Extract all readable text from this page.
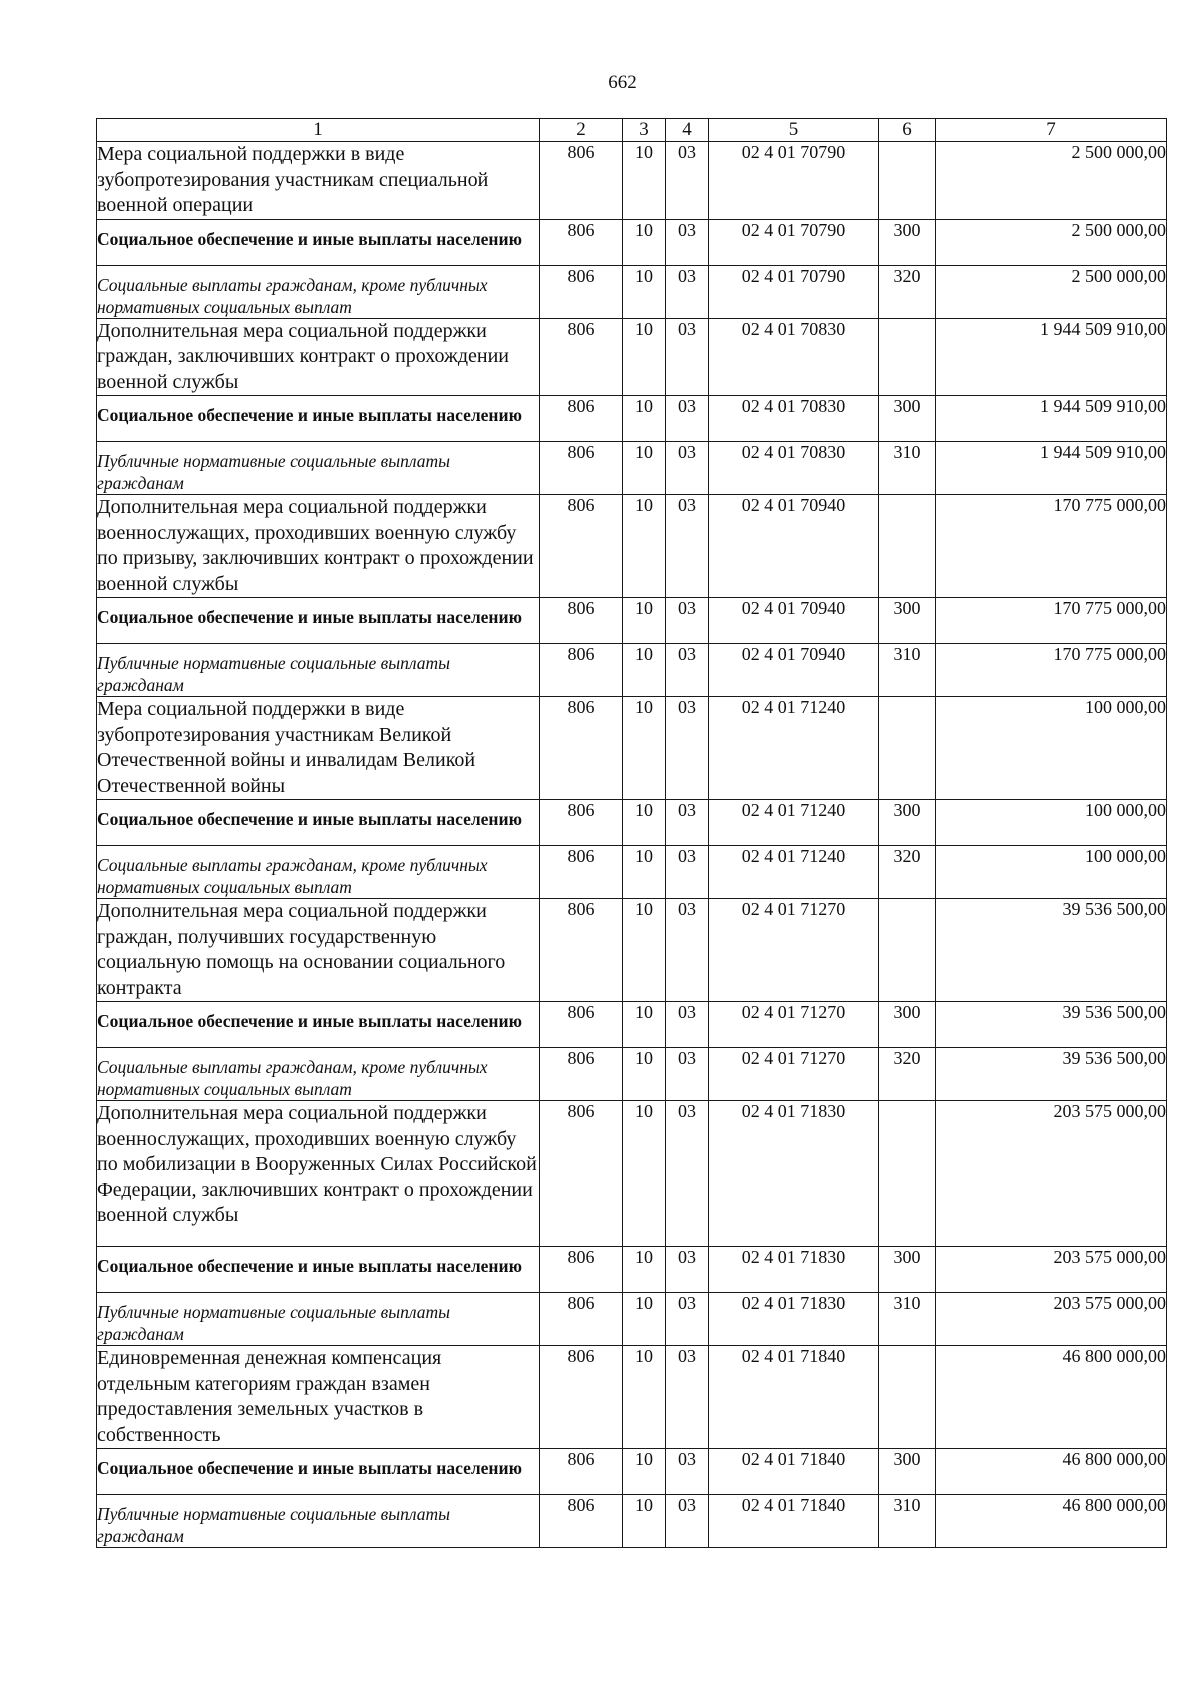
662
1	2	3	4	5	6	7
Мера социальной поддержки в виде зубопротезирования участникам специальной военной операции	806	10	03	02 4 01 70790		2 500 000,00
Социальное обеспечение и иные выплаты населению	806	10	03	02 4 01 70790	300	2 500 000,00
Социальные выплаты гражданам, кроме публичных нормативных социальных выплат	806	10	03	02 4 01 70790	320	2 500 000,00
Дополнительная мера социальной поддержки граждан, заключивших контракт о прохождении военной службы	806	10	03	02 4 01 70830		1 944 509 910,00
Социальное обеспечение и иные выплаты населению	806	10	03	02 4 01 70830	300	1 944 509 910,00
Публичные нормативные социальные выплаты гражданам	806	10	03	02 4 01 70830	310	1 944 509 910,00
Дополнительная мера социальной поддержки военнослужащих, проходивших военную службу по призыву, заключивших контракт о прохождении военной службы	806	10	03	02 4 01 70940		170 775 000,00
Социальное обеспечение и иные выплаты населению	806	10	03	02 4 01 70940	300	170 775 000,00
Публичные нормативные социальные выплаты гражданам	806	10	03	02 4 01 70940	310	170 775 000,00
Мера социальной поддержки в виде зубопротезирования участникам Великой Отечественной войны и инвалидам Великой Отечественной войны	806	10	03	02 4 01 71240		100 000,00
Социальное обеспечение и иные выплаты населению	806	10	03	02 4 01 71240	300	100 000,00
Социальные выплаты гражданам, кроме публичных нормативных социальных выплат	806	10	03	02 4 01 71240	320	100 000,00
Дополнительная мера социальной поддержки граждан, получивших государственную социальную помощь на основании социального контракта	806	10	03	02 4 01 71270		39 536 500,00
Социальное обеспечение и иные выплаты населению	806	10	03	02 4 01 71270	300	39 536 500,00
Социальные выплаты гражданам, кроме публичных нормативных социальных выплат	806	10	03	02 4 01 71270	320	39 536 500,00
Дополнительная мера социальной поддержки военнослужащих, проходивших военную службу по мобилизации в Вооруженных Силах Российской Федерации, заключивших контракт о прохождении военной службы	806	10	03	02 4 01 71830		203 575 000,00
Социальное обеспечение и иные выплаты населению	806	10	03	02 4 01 71830	300	203 575 000,00
Публичные нормативные социальные выплаты гражданам	806	10	03	02 4 01 71830	310	203 575 000,00
Единовременная денежная компенсация отдельным категориям граждан взамен предоставления земельных участков в собственность	806	10	03	02 4 01 71840		46 800 000,00
Социальное обеспечение и иные выплаты населению	806	10	03	02 4 01 71840	300	46 800 000,00
Публичные нормативные социальные выплаты гражданам	806	10	03	02 4 01 71840	310	46 800 000,00
